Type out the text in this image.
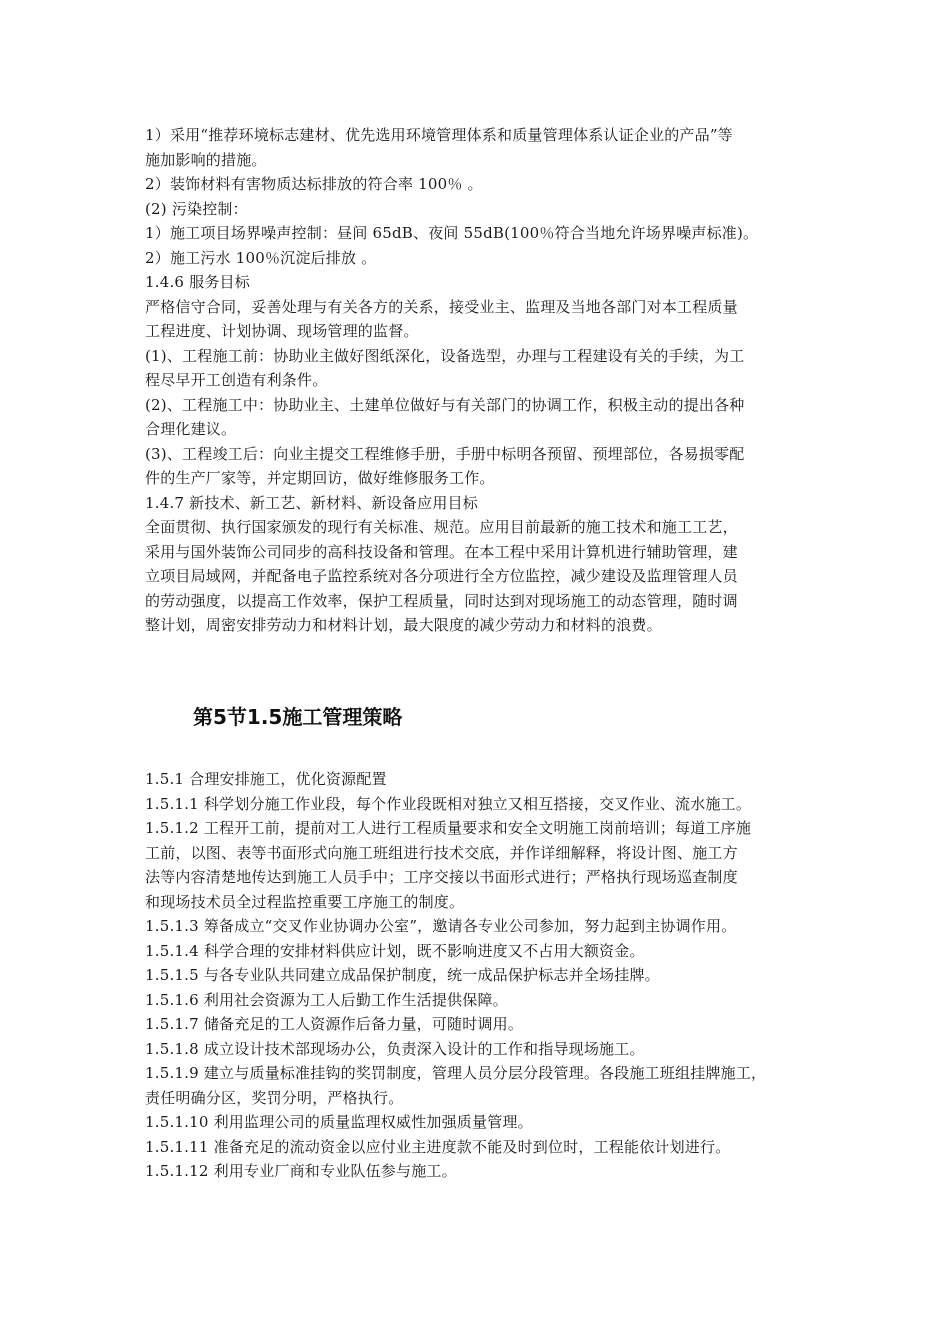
1）采用“推荐环境标志建材、优先选用环境管理体系和质量管理体系认证企业的产品”等
施加影响的措施。
2）装饰材料有害物质达标排放的符合率 100％ 。
(2) 污染控制：
1）施工项目场界噪声控制：昼间 65dB、夜间 55dB(100％符合当地允许场界噪声标准)。
2）施工污水 100％沉淀后排放 。
1.4.6 服务目标
严格信守合同，妥善处理与有关各方的关系，接受业主、监理及当地各部门对本工程质量
工程进度、计划协调、现场管理的监督。
(1)、工程施工前：协助业主做好图纸深化，设备选型，办理与工程建设有关的手续，为工
程尽早开工创造有利条件。
(2)、工程施工中：协助业主、土建单位做好与有关部门的协调工作，积极主动的提出各种
合理化建议。
(3)、工程竣工后：向业主提交工程维修手册，手册中标明各预留、预埋部位，各易损零配
件的生产厂家等，并定期回访，做好维修服务工作。
1.4.7 新技术、新工艺、新材料、新设备应用目标
全面贯彻、执行国家颁发的现行有关标准、规范。应用目前最新的施工技术和施工工艺，
采用与国外装饰公司同步的高科技设备和管理。在本工程中采用计算机进行辅助管理，建
立项目局域网，并配备电子监控系统对各分项进行全方位监控，减少建设及监理管理人员
的劳动强度，以提高工作效率，保护工程质量，同时达到对现场施工的动态管理，随时调
整计划，周密安排劳动力和材料计划，最大限度的减少劳动力和材料的浪费。
第5节1.5施工管理策略
1.5.1 合理安排施工，优化资源配置
1.5.1.1 科学划分施工作业段，每个作业段既相对独立又相互搭接，交叉作业、流水施工。
1.5.1.2 工程开工前，提前对工人进行工程质量要求和安全文明施工岗前培训；每道工序施
工前，以图、表等书面形式向施工班组进行技术交底，并作详细解释，将设计图、施工方
法等内容清楚地传达到施工人员手中；工序交接以书面形式进行；严格执行现场巡查制度
和现场技术员全过程监控重要工序施工的制度。
1.5.1.3 筹备成立“交叉作业协调办公室”，邀请各专业公司参加，努力起到主协调作用。
1.5.1.4 科学合理的安排材料供应计划，既不影响进度又不占用大额资金。
1.5.1.5 与各专业队共同建立成品保护制度，统一成品保护标志并全场挂牌。
1.5.1.6 利用社会资源为工人后勤工作生活提供保障。
1.5.1.7 储备充足的工人资源作后备力量，可随时调用。
1.5.1.8 成立设计技术部现场办公，负责深入设计的工作和指导现场施工。
1.5.1.9 建立与质量标准挂钩的奖罚制度，管理人员分层分段管理。各段施工班组挂牌施工，
责任明确分区，奖罚分明，严格执行。
1.5.1.10 利用监理公司的质量监理权威性加强质量管理。
1.5.1.11 准备充足的流动资金以应付业主进度款不能及时到位时，工程能依计划进行。
1.5.1.12 利用专业厂商和专业队伍参与施工。
